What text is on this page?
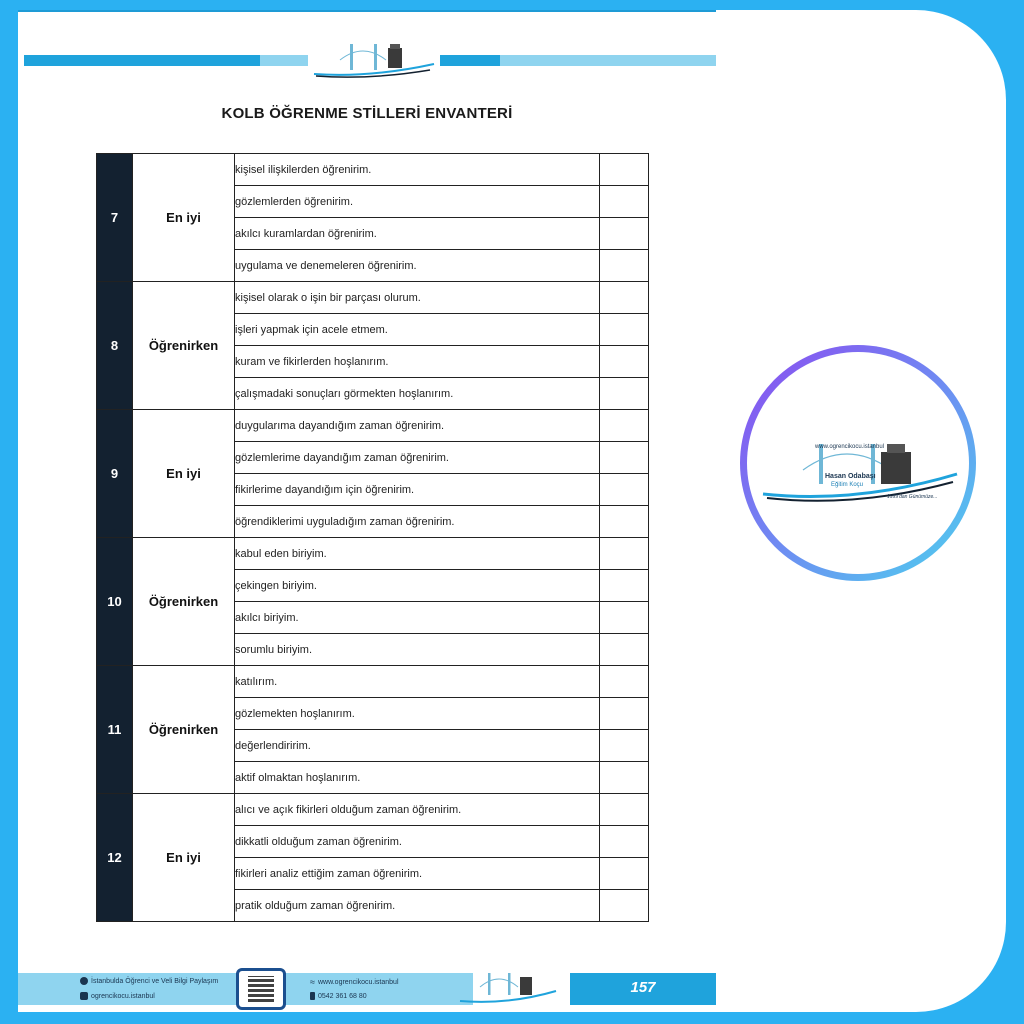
KOLB ÖĞRENME STİLLERİ ENVANTERİ
7	En iyi	kişisel ilişkilerden öğrenirim.	
		gözlemlerden öğrenirim.	
		akılcı kuramlardan öğrenirim.	
		uygulama ve denemeleren öğrenirim.	
8	Öğrenirken	kişisel olarak o işin bir parçası olurum.	
		işleri yapmak için acele etmem.	
		kuram ve fikirlerden hoşlanırım.	
		çalışmadaki sonuçları görmekten hoşlanırım.	
9	En iyi	duygularıma dayandığım zaman öğrenirim.	
		gözlemlerime dayandığım zaman öğrenirim.	
		fikirlerime dayandığım için öğrenirim.	
		öğrendiklerimi uyguladığım zaman öğrenirim.	
10	Öğrenirken	kabul eden biriyim.	
		çekingen biriyim.	
		akılcı biriyim.	
		sorumlu biriyim.	
11	Öğrenirken	katılırım.	
		gözlemekten hoşlanırım.	
		değerlendiririm.	
		aktif olmaktan hoşlanırım.	
12	En iyi	alıcı ve açık fikirleri olduğum zaman öğrenirim.	
		dikkatli olduğum zaman öğrenirim.	
		fikirleri analiz ettiğim zaman öğrenirim.	
		pratik olduğum zaman öğrenirim.	
İstanbulda Öğrenci ve Veli Bilgi Paylaşım
ogrencikocu.istanbul
≈ www.ogrencikocu.istanbul
0542 361 68 80	157
www.ogrencikocu.istanbul
Hasan Odabaşı
Eğitim Koçu
1999'dan Günümüze...
